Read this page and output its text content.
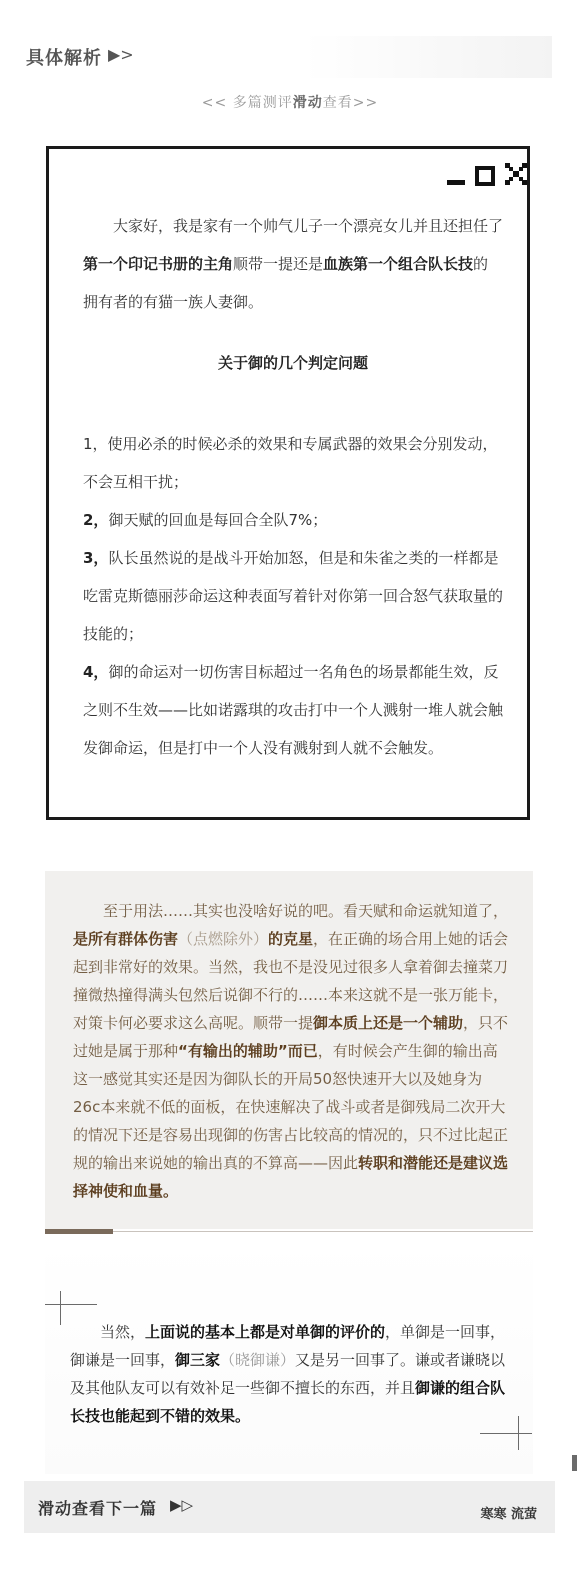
具体解析 ▶>
<< 多篇测评滑动查看>>

大家好，我是家有一个帅气儿子一个漂亮女儿并且还担任了第一个印记书册的主角顺带一提还是血族第一个组合队长技的拥有者的有猫一族人妻御。

关于御的几个判定问题

1，使用必杀的时候必杀的效果和专属武器的效果会分别发动，不会互相干扰；

2，御天赋的回血是每回合全队7%；

3，队长虽然说的是战斗开始加怒，但是和朱雀之类的一样都是吃雷克斯德丽莎命运这种表面写着针对你第一回合怒气获取量的技能的；

4，御的命运对一切伤害目标超过一名角色的场景都能生效，反之则不生效——比如诺露琪的攻击打中一个人溅射一堆人就会触发御命运，但是打中一个人没有溅射到人就不会触发。

至于用法……其实也没啥好说的吧。看天赋和命运就知道了，是所有群体伤害（点燃除外）的克星，在正确的场合用上她的话会起到非常好的效果。当然，我也不是没见过很多人拿着御去撞菜刀撞微热撞得满头包然后说御不行的……本来这就不是一张万能卡，对策卡何必要求这么高呢。顺带一提御本质上还是一个辅助，只不过她是属于那种“有输出的辅助”而已，有时候会产生御的输出高这一感觉其实还是因为御队长的开局50怒快速开大以及她身为26c本来就不低的面板，在快速解决了战斗或者是御残局二次开大的情况下还是容易出现御的伤害占比较高的情况的，只不过比起正规的输出来说她的输出真的不算高——因此转职和潜能还是建议选择神使和血量。

当然，上面说的基本上都是对单御的评价的，单御是一回事，御谦是一回事，御三家（晓御谦）又是另一回事了。谦或者谦晓以及其他队友可以有效补足一些御不擅长的东西，并且御谦的组合队长技也能起到不错的效果。

滑动查看下一篇 ▶▷
寒寒 流萤
